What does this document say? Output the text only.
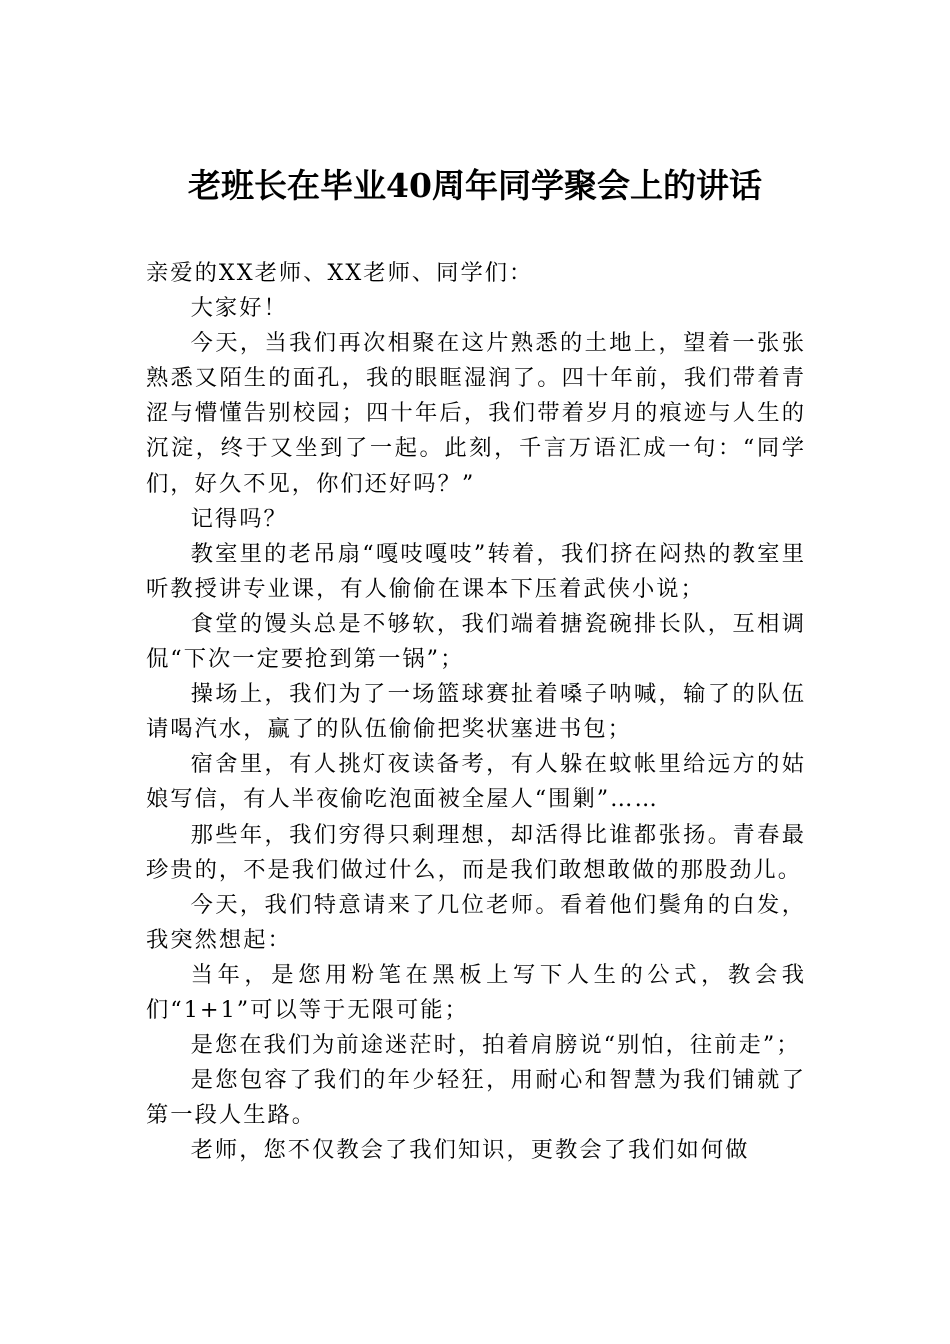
老班长在毕业40周年同学聚会上的讲话

亲爱的XX老师、XX老师、同学们：

大家好！

今天，当我们再次相聚在这片熟悉的土地上，望着一张张熟悉又陌生的面孔，我的眼眶湿润了。四十年前，我们带着青涩与懵懂告别校园；四十年后，我们带着岁月的痕迹与人生的沉淀，终于又坐到了一起。此刻，千言万语汇成一句：“同学们，好久不见，你们还好吗？”

记得吗？

教室里的老吊扇“嘎吱嘎吱”转着，我们挤在闷热的教室里听教授讲专业课，有人偷偷在课本下压着武侠小说；

食堂的馒头总是不够软，我们端着搪瓷碗排长队，互相调侃“下次一定要抢到第一锅”；

操场上，我们为了一场篮球赛扯着嗓子呐喊，输了的队伍请喝汽水，赢了的队伍偷偷把奖状塞进书包；

宿舍里，有人挑灯夜读备考，有人躲在蚊帐里给远方的姑娘写信，有人半夜偷吃泡面被全屋人“围剿”……

那些年，我们穷得只剩理想，却活得比谁都张扬。青春最珍贵的，不是我们做过什么，而是我们敢想敢做的那股劲儿。

今天，我们特意请来了几位老师。看着他们鬓角的白发，我突然想起：

当年，是您用粉笔在黑板上写下人生的公式，教会我们“1+1”可以等于无限可能；

是您在我们为前途迷茫时，拍着肩膀说“别怕，往前走”；

是您包容了我们的年少轻狂，用耐心和智慧为我们铺就了第一段人生路。

老师，您不仅教会了我们知识，更教会了我们如何做
